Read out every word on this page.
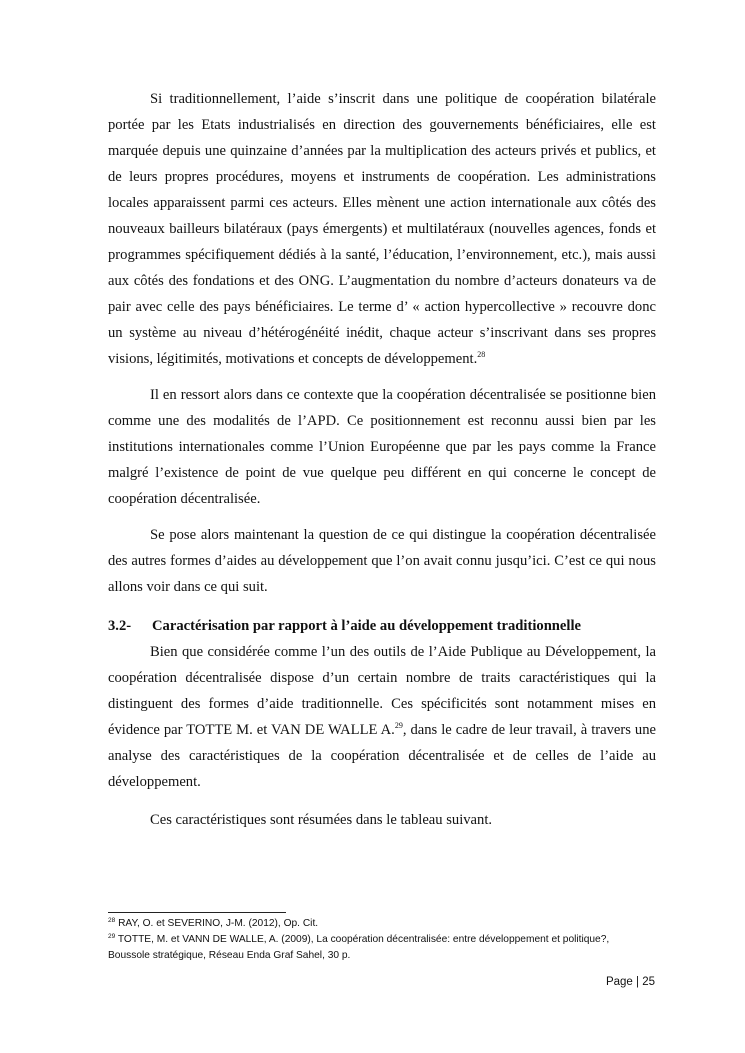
Si traditionnellement, l’aide s’inscrit dans une politique de coopération bilatérale portée par les Etats industrialisés en direction des gouvernements bénéficiaires, elle est marquée depuis une quinzaine d’années par la multiplication des acteurs privés et publics, et de leurs propres procédures, moyens et instruments de coopération. Les administrations locales apparaissent parmi ces acteurs. Elles mènent une action internationale aux côtés des nouveaux bailleurs bilatéraux (pays émergents) et multilatéraux (nouvelles agences, fonds et programmes spécifiquement dédiés à la santé, l’éducation, l’environnement, etc.), mais aussi aux côtés des fondations et des ONG. L’augmentation du nombre d’acteurs donateurs va de pair avec celle des pays bénéficiaires. Le terme d’ « action hypercollective » recouvre donc un système au niveau d’hétérogénéité inédit, chaque acteur s’inscrivant dans ses propres visions, légitimités, motivations et concepts de développement.$^{28}$

Il en ressort alors dans ce contexte que la coopération décentralisée se positionne bien comme une des modalités de l’APD. Ce positionnement est reconnu aussi bien par les institutions internationales comme l’Union Européenne que par les pays comme la France malgré l’existence de point de vue quelque peu différent en qui concerne le concept de coopération décentralisée.

Se pose alors maintenant la question de ce qui distingue la coopération décentralisée des autres formes d’aides au développement que l’on avait connu jusqu’ici. C’est ce qui nous allons voir dans ce qui suit.

3.2- Caractérisation par rapport à l’aide au développement traditionnelle

Bien que considérée comme l’un des outils de l’Aide Publique au Développement, la coopération décentralisée dispose d’un certain nombre de traits caractéristiques qui la distinguent des formes d’aide traditionnelle. Ces spécificités sont notamment mises en évidence par TOTTE M. et VAN DE WALLE A.$^{29}$, dans le cadre de leur travail, à travers une analyse des caractéristiques de la coopération décentralisée et de celles de l’aide au développement.

Ces caractéristiques sont résumées dans le tableau suivant.

$^{28}$ RAY, O. et SEVERINO, J-M. (2012), Op. Cit.

$^{29}$ TOTTE, M. et VANN DE WALLE, A. (2009), La coopération décentralisée: entre développement et politique?, Boussole stratégique, Réseau Enda Graf Sahel, 30 p.

Page | 25
